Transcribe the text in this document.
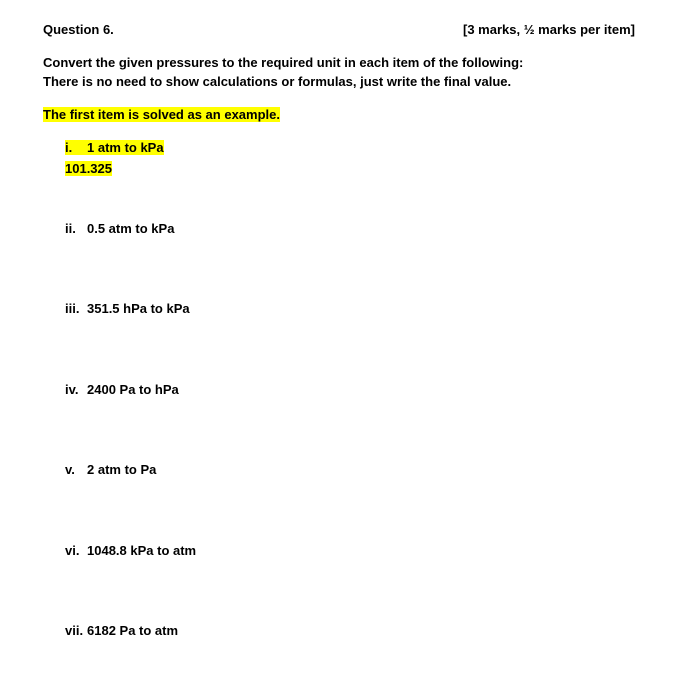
Question 6.	[3 marks, ½ marks per item]
Convert the given pressures to the required unit in each item of the following:
There is no need to show calculations or formulas, just write the final value.
The first item is solved as an example.
i. 1 atm to kPa
101.325
ii. 0.5 atm to kPa
iii. 351.5 hPa to kPa
iv. 2400 Pa to hPa
v. 2 atm to Pa
vi. 1048.8 kPa to atm
vii. 6182 Pa to atm
